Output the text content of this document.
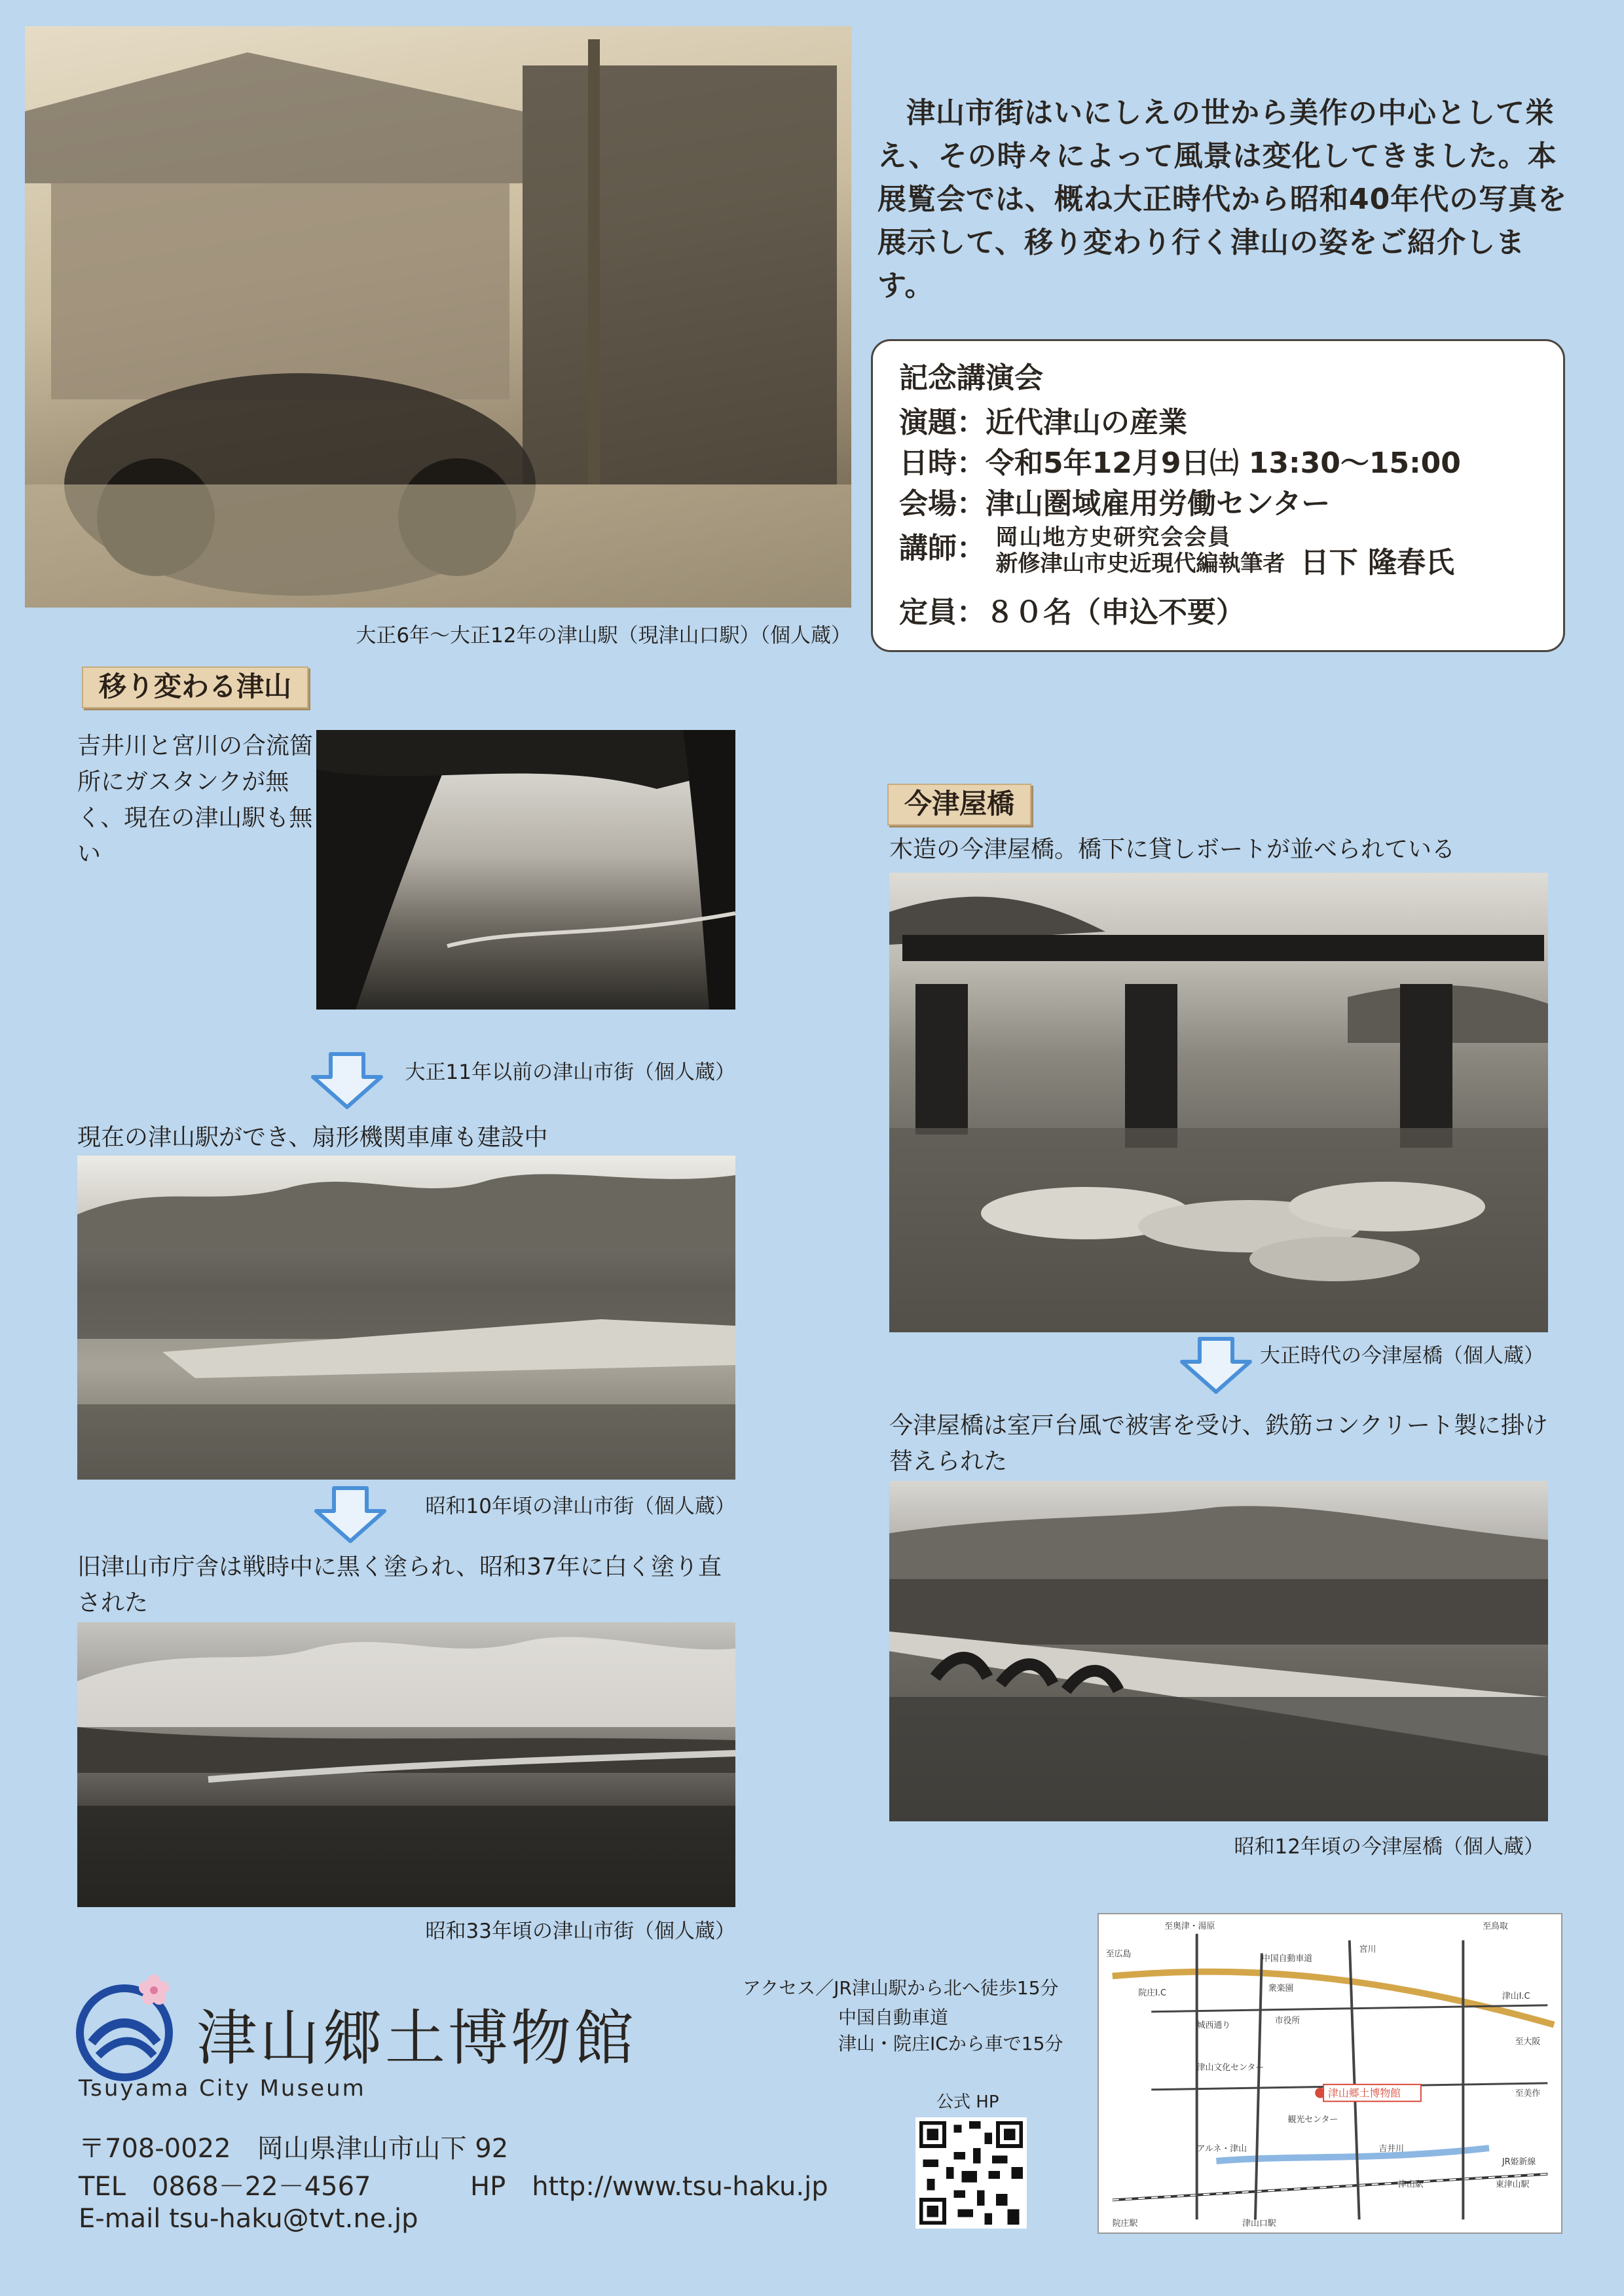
大正6年～大正12年の津山駅（現津山口駅）（個人蔵）
津山市街はいにしえの世から美作の中心として栄え、その時々によって風景は変化してきました。本展覧会では、概ね大正時代から昭和40年代の写真を展示して、移り変わり行く津山の姿をご紹介します。
記念講演会
演題：近代津山の産業
日時：令和5年12月9日㈯ 13:30～15:00
会場：津山圏域雇用労働センター
講師： 岡山地方史研究会会員
新修津山市史近現代編執筆者 日下 隆春氏
定員：８０名（申込不要）
移り変わる津山
吉井川と宮川の合流箇所にガスタンクが無く、現在の津山駅も無い
大正11年以前の津山市街（個人蔵）
現在の津山駅ができ、扇形機関車庫も建設中
昭和10年頃の津山市街（個人蔵）
旧津山市庁舎は戦時中に黒く塗られ、昭和37年に白く塗り直された
昭和33年頃の津山市街（個人蔵）
今津屋橋
木造の今津屋橋。橋下に貸しボートが並べられている
大正時代の今津屋橋（個人蔵）
今津屋橋は室戸台風で被害を受け、鉄筋コンクリート製に掛け替えられた
昭和12年頃の今津屋橋（個人蔵）
津山郷土博物館
Tsuyama City Museum
〒708-0022　 岡山県津山市山下 92
TEL　0868－22－4567	HP　 http://www.tsu-haku.jp
E-mail tsu-haku@tvt.ne.jp
アクセス／JR津山駅から北へ徒歩15分
中国自動車道
津山・院庄ICから車で15分
公式 HP	津山郷土博物館
至奥津・湯原	至鳥取
中国自動車道
宮川
院庄I.C
至広島
衆楽園
津山I.C
市役所
城西通り
津山文化センター
観光センター
アルネ・津山	吉井川
至大阪
至美作
JR姫新線
津山駅	東津山駅
院庄駅	津山口駅
